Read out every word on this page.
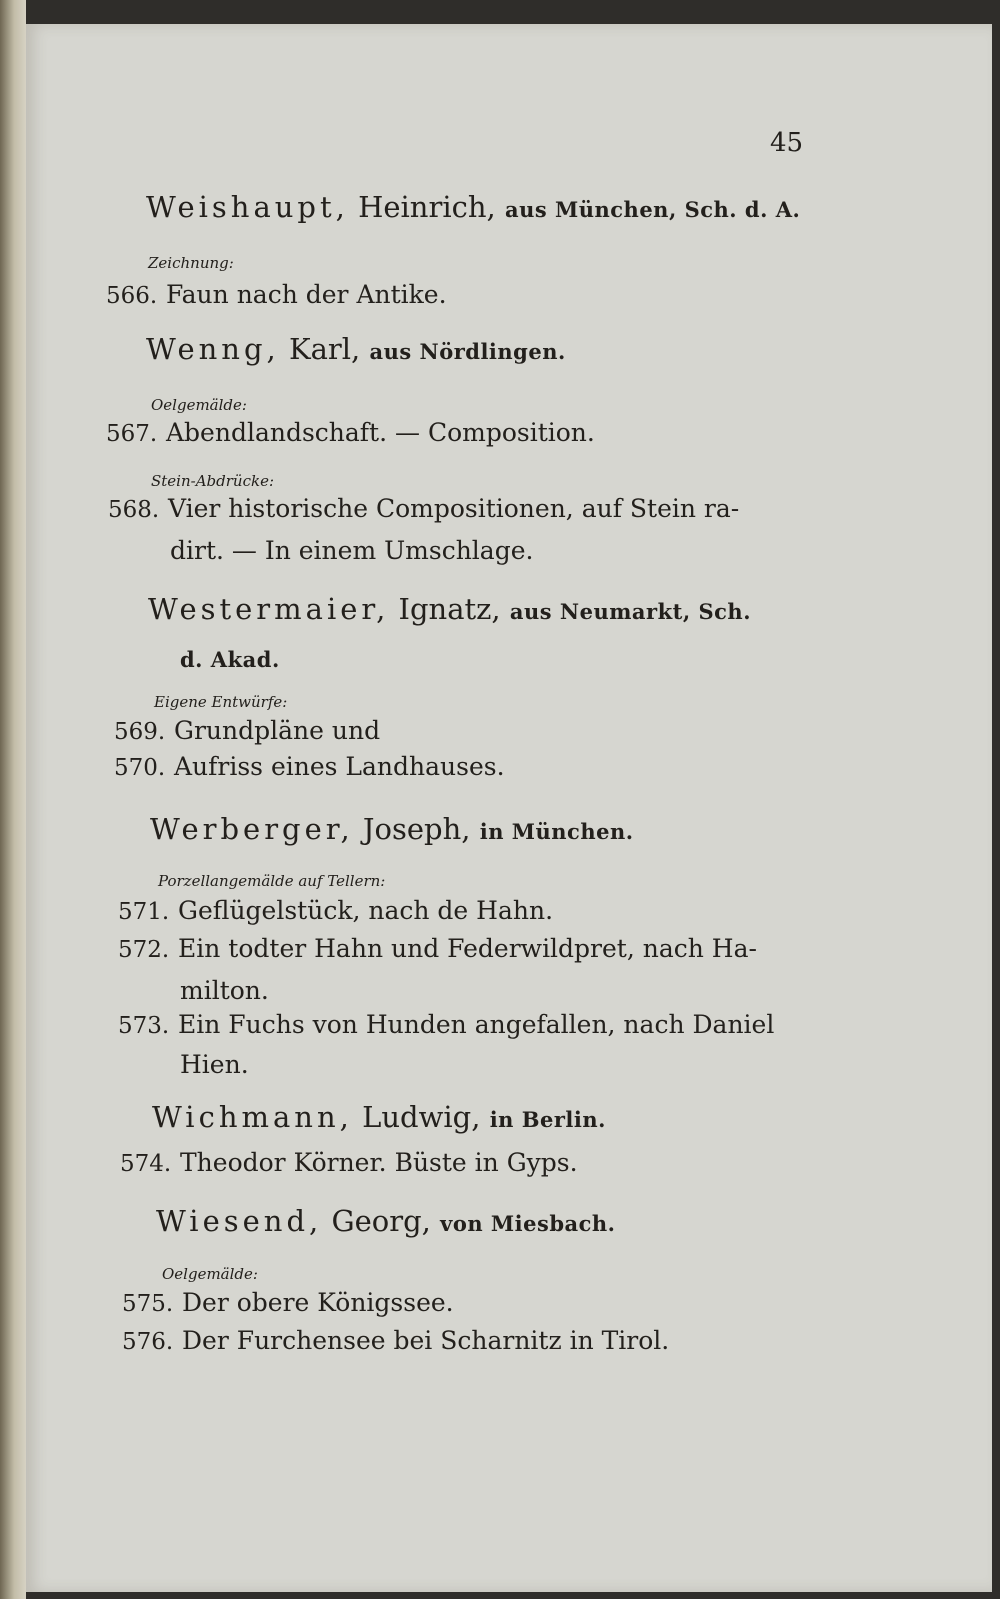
45
Weishaupt, Heinrich, aus München, Sch. d. A.
Zeichnung:
566. Faun nach der Antike.
Wenng, Karl, aus Nördlingen.
Oelgemälde:
567. Abendlandschaft. — Composition.
Stein-Abdrücke:
568. Vier historische Compositionen, auf Stein ra-
dirt. — In einem Umschlage.
Westermaier, Ignatz, aus Neumarkt, Sch.
d. Akad.
Eigene Entwürfe:
569. Grundpläne und
570. Aufriss eines Landhauses.
Werberger, Joseph, in München.
Porzellangemälde auf Tellern:
571. Geflügelstück, nach de Hahn.
572. Ein todter Hahn und Federwildpret, nach Ha-
milton.
573. Ein Fuchs von Hunden angefallen, nach Daniel
Hien.
Wichmann, Ludwig, in Berlin.
574. Theodor Körner. Büste in Gyps.
Wiesend, Georg, von Miesbach.
Oelgemälde:
575. Der obere Königssee.
576. Der Furchensee bei Scharnitz in Tirol.
